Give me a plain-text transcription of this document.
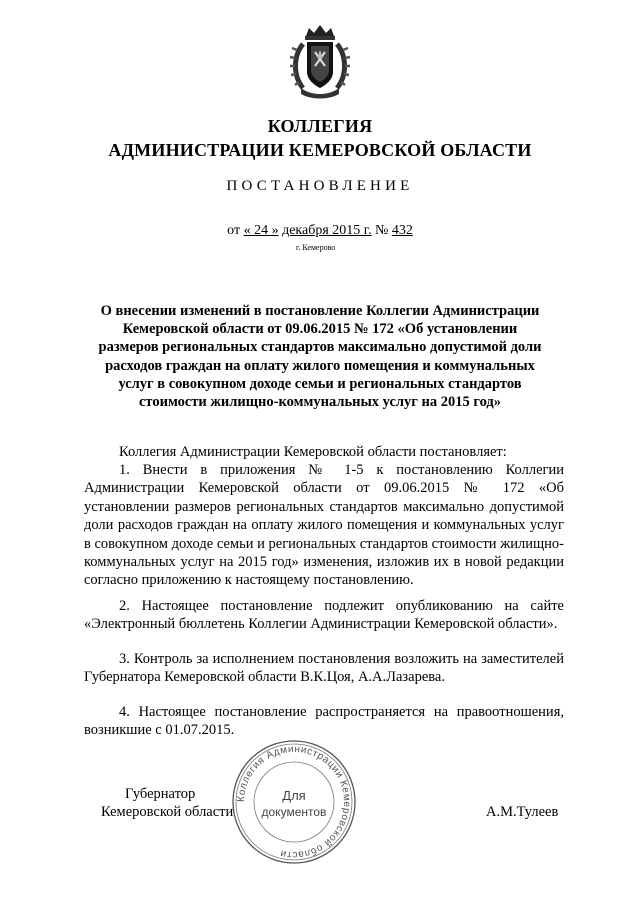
КОЛЛЕГИЯ
АДМИНИСТРАЦИИ КЕМЕРОВСКОЙ ОБЛАСТИ
ПОСТАНОВЛЕНИЕ
от « 24 » декабря 2015 г. № 432
г. Кемерово
О внесении изменений в постановление Коллегии Администрации Кемеровской области от 09.06.2015 № 172 «Об установлении размеров региональных стандартов максимально допустимой доли расходов граждан на оплату жилого помещения и коммунальных услуг в совокупном доходе семьи и региональных стандартов стоимости жилищно-коммунальных услуг на 2015 год»
Коллегия Администрации Кемеровской области постановляет:
1. Внести в приложения № 1-5 к постановлению Коллегии Администрации Кемеровской области от 09.06.2015 № 172 «Об установлении размеров региональных стандартов максимально допустимой доли расходов граждан на оплату жилого помещения и коммунальных услуг в совокупном доходе семьи и региональных стандартов стоимости жилищно-коммунальных услуг на 2015 год» изменения, изложив их в новой редакции согласно приложению к настоящему постановлению.
2. Настоящее постановление подлежит опубликованию на сайте «Электронный бюллетень Коллегии Администрации Кемеровской области».
3. Контроль за исполнением постановления возложить на заместителей Губернатора Кемеровской области В.К.Цоя, А.А.Лазарева.
4. Настоящее постановление распространяется на правоотношения, возникшие с 01.07.2015.
Коллегия Администрации Кемеровской области
Для
документов
Губернатор
Кемеровской области	А.М.Тулеев
